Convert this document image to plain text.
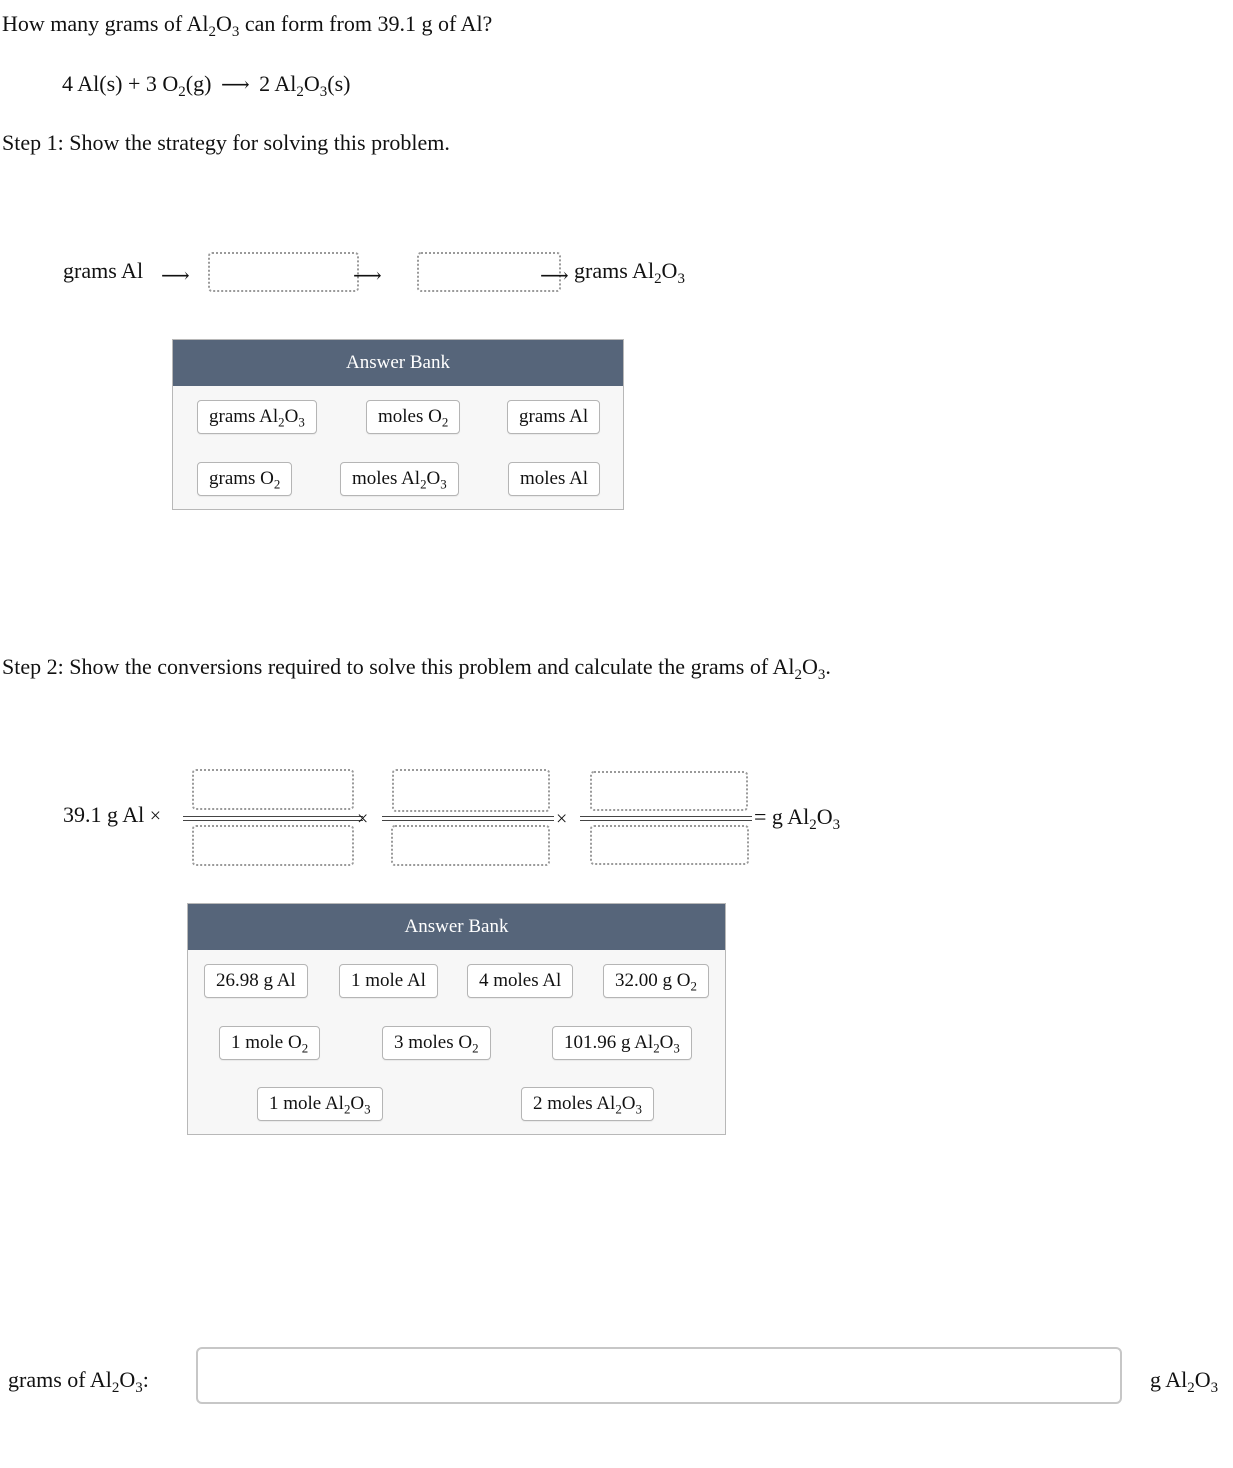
How many grams of $Al_2O_3$ can form from 39.1 g of Al?
4 Al(s) + 3 $O_2(g)$ ⟶ 2 $Al_2O_3(s)$
Step 1: Show the strategy for solving this problem.
grams Al ⟶	⟶	⟶ grams $Al_2O_3$
Answer Bank
grams $Al_2O_3$	moles $O_2$	grams Al
grams $O_2$	moles $Al_2O_3$	moles Al
Step 2: Show the conversions required to solve this problem and calculate the grams of $Al_2O_3$.
39.1 g Al ×	×	×	= g $Al_2O_3$
Answer Bank
26.98 g Al	1 mole Al	4 moles Al	32.00 g $O_2$
1 mole $O_2$	3 moles $O_2$	101.96 g $Al_2O_3$
1 mole $Al_2O_3$	2 moles $Al_2O_3$
grams of $Al_2O_3$:	g $Al_2O_3$
